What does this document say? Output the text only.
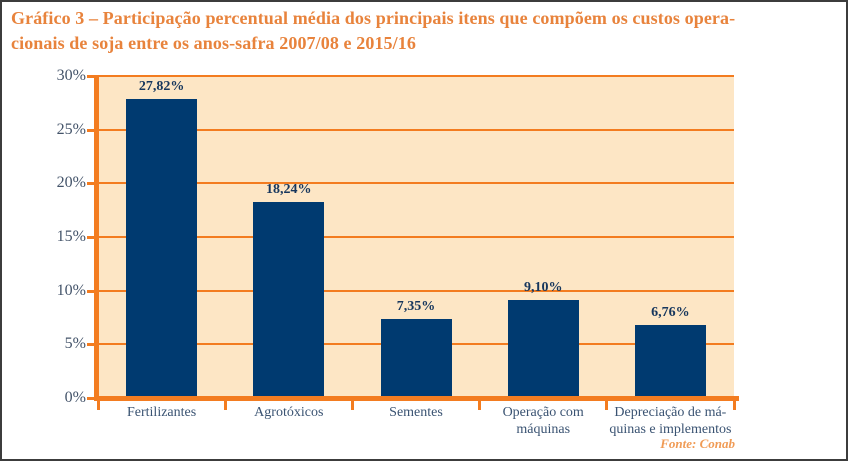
Gráfico 3 – Participação percentual média dos principais itens que compõem os custos opera-
cionais de soja entre os anos-safra 2007/08 e 2015/16
27,82%
18,24%
7,35%
9,10%
6,76%
0%
5%
10%
15%
20%
25%
30%
Fertilizantes	Agrotóxicos	Sementes	Operação com
máquinas
Depreciação de má-
quinas e implementos
Fonte: Conab
